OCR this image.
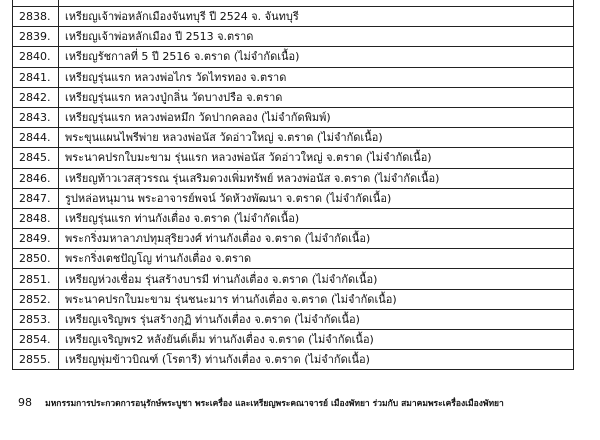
2838.	เหรียญเจ้าพ่อหลักเมืองจันทบุรี ปี 2524 จ. จันทบุรี
2839.	เหรียญเจ้าพ่อหลักเมือง ปี 2513 จ.ตราด
2840.	เหรียญรัชกาลที่ 5 ปี 2516 จ.ตราด (ไม่จำกัดเนื้อ)
2841.	เหรียญรุ่นแรก หลวงพ่อไกร วัดไทรทอง จ.ตราด
2842.	เหรียญรุ่นแรก หลวงปู่กลิ่น วัดบางปรือ จ.ตราด
2843.	เหรียญรุ่นแรก หลวงพ่อหมึก วัดปากคลอง (ไม่จำกัดพิมพ์)
2844.	พระขุนแผนไพรีพ่าย หลวงพ่อนัส วัดอ่าวใหญ่ จ.ตราด (ไม่จำกัดเนื้อ)
2845.	พระนาคปรกใบมะขาม รุ่นแรก หลวงพ่อนัส วัดอ่าวใหญ่ จ.ตราด (ไม่จำกัดเนื้อ)
2846.	เหรียญท้าวเวสสุวรรณ รุ่นเสริมดวงเพิ่มทรัพย์ หลวงพ่อนัส จ.ตราด (ไม่จำกัดเนื้อ)
2847.	รูปหล่อหนุมาน พระอาจารย์พจน์ วัดห้วงพัฒนา จ.ตราด (ไม่จำกัดเนื้อ)
2848.	เหรียญรุ่นแรก ท่านกังเตื่อง จ.ตราด (ไม่จำกัดเนื้อ)
2849.	พระกริ่งมหาลาภปทุมสุริยวงศ์ ท่านกังเตื่อง จ.ตราด (ไม่จำกัดเนื้อ)
2850.	พระกริ่งเตชปัญโญ ท่านกังเตื่อง จ.ตราด
2851.	เหรียญห่วงเชื่อม รุ่นสร้างบารมี ท่านกังเตื่อง จ.ตราด (ไม่จำกัดเนื้อ)
2852.	พระนาคปรกใบมะขาม รุ่นชนะมาร ท่านกังเตื่อง จ.ตราด (ไม่จำกัดเนื้อ)
2853.	เหรียญเจริญพร รุ่นสร้างกุฏิ ท่านกังเตื่อง จ.ตราด (ไม่จำกัดเนื้อ)
2854.	เหรียญเจริญพร2 หลังยันต์เต็ม ท่านกังเตื่อง จ.ตราด (ไม่จำกัดเนื้อ)
2855.	เหรียญพุ่มข้าวบิณฑ์ (โรตารี) ท่านกังเตื่อง จ.ตราด (ไม่จำกัดเนื้อ)
98 มหกรรมการประกวดการอนุรักษ์พระบูชา พระเครื่อง และเหรียญพระคณาจารย์ เมืองพัทยา ร่วมกับ สมาคมพระเครื่องเมืองพัทยา
